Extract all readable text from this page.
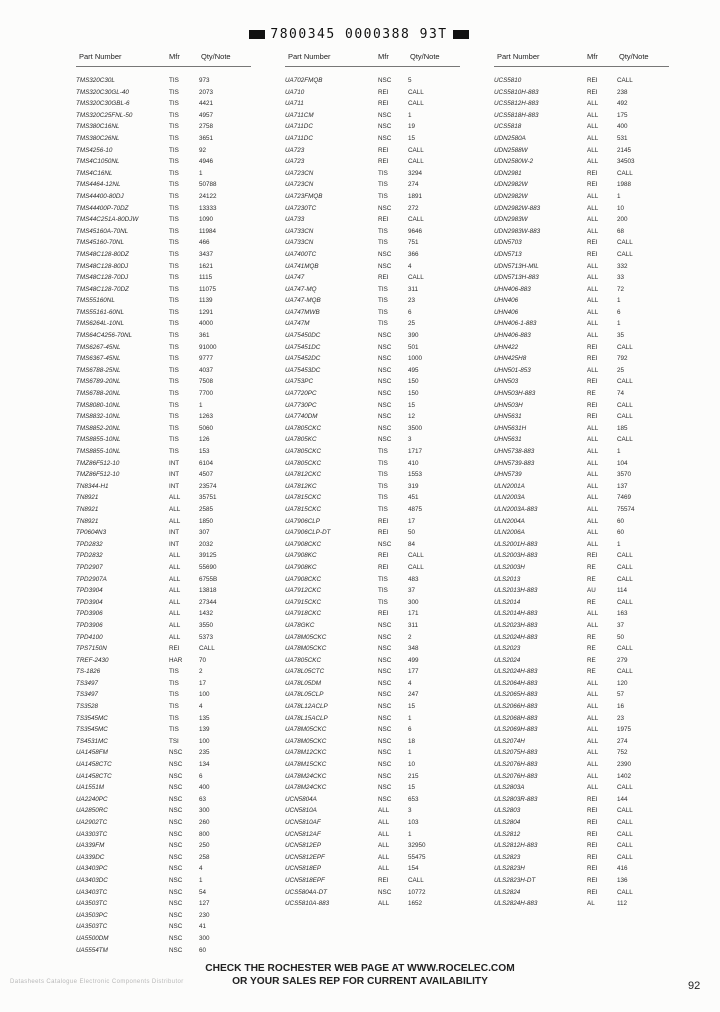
7800345 0000388 93T
Part Number	Mfr	Qty/Note
TMS320C30L	TIS	973
TMS320C30GL-40	TIS	2073
TMS320C30GBL-6	TIS	4421
TMS320C25FNL-50	TIS	4957
TMS380C16NL	TIS	2758
TMS380C26NL	TIS	3651
TMS4256-10	TIS	92
TMS4C1050NL	TIS	4946
TMS4C16NL	TIS	1
TMS4464-12NL	TIS	50788
TMS44400-80DJ	TIS	24122
TMS44400P-70DZ	TIS	13333
TMS44C251A-80DJW	TIS	1090
TMS45160A-70NL	TIS	11984
TMS45160-70NL	TIS	466
TMS48C128-80DZ	TIS	3437
TMS48C128-80DJ	TIS	1621
TMS48C128-70DJ	TIS	1115
TMS48C128-70DZ	TIS	11075
TMS55160NL	TIS	1139
TMS55161-60NL	TIS	1291
TMS6264L-10NL	TIS	4000
TMS64C4256-70NL	TIS	361
TMS6267-45NL	TIS	91000
TMS6367-45NL	TIS	9777
TMS6788-25NL	TIS	4037
TMS6789-20NL	TIS	7508
TMS6788-20NL	TIS	7700
TMS8080-10NL	TIS	1
TMS8832-10NL	TIS	1263
TMS8852-20NL	TIS	5060
TMS8855-10NL	TIS	126
TMS8855-10NL	TIS	153
TMZ86F512-10	INT	6104
TMZ86F512-10	INT	4507
TN8344-H1	INT	23574
TN8921	ALL	35751
TN8921	ALL	2585
TN8921	ALL	1850
TP0604N3	INT	307
TPD2832	INT	2032
TPD2832	ALL	39125
TPD2907	ALL	55690
TPD2907A	ALL	6755B
TPD3904	ALL	13818
TPD3904	ALL	27344
TPD3906	ALL	1432
TPD3906	ALL	3550
TPD4100	ALL	5373
TPS7150N	REI	CALL
TREF-2430	HAR	70
TS-1826	TIS	2
TS3497	TIS	17
TS3497	TIS	100
TS3528	TIS	4
TS3545MC	TIS	135
TS3545MC	TIS	139
TS4531MC	TSI	100
UA1458FM	NSC	235
UA1458CTC	NSC	134
UA1458CTC	NSC	6
UA1551M	NSC	400
UA2240PC	NSC	63
UA2850RC	NSC	300
UA2902TC	NSC	260
UA3303TC	NSC	800
UA339FM	NSC	250
UA339DC	NSC	258
UA3403PC	NSC	4
UA3403DC	NSC	1
UA3403TC	NSC	54
UA3503TC	NSC	127
UA3503PC	NSC	230
UA3503TC	NSC	41
UA5500DM	NSC	300
UA5554TM	NSC	60
Part Number	Mfr	Qty/Note
UA702FMQB	NSC	5
UA710	REI	CALL
UA711	REI	CALL
UA711CM	NSC	1
UA711DC	NSC	19
UA711DC	NSC	15
UA723	REI	CALL
UA723	REI	CALL
UA723CN	TIS	3294
UA723CN	TIS	274
UA723FMQB	TIS	1891
UA7230TC	NSC	272
UA733	REI	CALL
UA733CN	TIS	9646
UA733CN	TIS	751
UA7400TC	NSC	366
UA741MQB	NSC	4
UA747	REI	CALL
UA747-MQ	TIS	311
UA747-MQB	TIS	23
UA747MWB	TIS	6
UA747M	TIS	25
UA75450DC	NSC	390
UA75451DC	NSC	501
UA75452DC	NSC	1000
UA75453DC	NSC	495
UA753PC	NSC	150
UA7720PC	NSC	150
UA7730PC	NSC	15
UA7740DM	NSC	12
UA7805CKC	NSC	3500
UA7805KC	NSC	3
UA7805CKC	TIS	1717
UA7805CKC	TIS	410
UA7812CKC	TIS	1553
UA7812KC	TIS	319
UA7815CKC	TIS	451
UA7815CKC	TIS	4875
UA7906CLP	REI	17
UA7906CLP-DT	REI	50
UA7908CKC	NSC	84
UA7908KC	REI	CALL
UA7908KC	REI	CALL
UA7908CKC	TIS	483
UA7912CKC	TIS	37
UA7915CKC	TIS	300
UA7918CKC	REI	171
UA78GKC	NSC	311
UA78M05CKC	NSC	2
UA78M05CKC	NSC	348
UA7805CKC	NSC	499
UA78L05CTC	NSC	177
UA78L05DM	NSC	4
UA78L05CLP	NSC	247
UA78L12ACLP	NSC	15
UA78L15ACLP	NSC	1
UA78M05CKC	NSC	6
UA78M05CKC	NSC	18
UA78M12CKC	NSC	1
UA78M15CKC	NSC	10
UA78M24CKC	NSC	215
UA78M24CKC	NSC	15
UCN5804A	NSC	653
UCN5810A	ALL	3
UCN5810AF	ALL	103
UCN5812AF	ALL	1
UCN5812EP	ALL	32950
UCN5812EPF	ALL	55475
UCN5818EP	ALL	154
UCN5818EPF	REI	CALL
UCS5804A-DT	NSC	10772
UCS5810A-883	ALL	1652
Part Number	Mfr	Qty/Note
UCS5810	REI	CALL
UCS5810H-883	REI	238
UCS5812H-883	ALL	492
UCS5818H-883	ALL	175
UCS5818	ALL	400
UDN2580A	ALL	531
UDN2588W	ALL	2145
UDN2580W-2	ALL	34503
UDN2981	REI	CALL
UDN2982W	REI	1988
UDN2982W	ALL	1
UDN2982W-883	ALL	10
UDN2983W	ALL	200
UDN2983W-883	ALL	68
UDN5703	REI	CALL
UDN5713	REI	CALL
UDN5713H-MIL	ALL	332
UDN5713H-883	ALL	33
UHN406-883	ALL	72
UHN406	ALL	1
UHN406	ALL	6
UHN406-1-883	ALL	1
UHN406-883	ALL	35
UHN422	REI	CALL
UHN425H8	REI	792
UHN501-853	ALL	25
UHN503	REI	CALL
UHN503H-883	RE	74
UHN503H	REI	CALL
UHN5631	REI	CALL
UHN5631H	ALL	185
UHN5631	ALL	CALL
UHN5738-883	ALL	1
UHN5739-883	ALL	104
UHN5739	ALL	3570
ULN2001A	ALL	137
ULN2003A	ALL	7469
ULN2003A-883	ALL	75574
ULN2004A	ALL	60
ULN2006A	ALL	60
ULS2001H-883	ALL	1
ULS2003H-883	REI	CALL
ULS2003H	RE	CALL
ULS2013	RE	CALL
ULS2013H-883	AU	114
ULS2014	RE	CALL
ULS2014H-883	ALL	163
ULS2023H-883	ALL	37
ULS2024H-883	RE	50
ULS2023	RE	CALL
ULS2024	RE	279
ULS2024H-883	RE	CALL
ULS2064H-883	ALL	120
ULS2065H-883	ALL	57
ULS2066H-883	ALL	16
ULS2068H-883	ALL	23
ULS2069H-883	ALL	1975
ULS2074H	ALL	274
ULS2075H-883	ALL	752
ULS2076H-883	ALL	2390
ULS2076H-883	ALL	1402
ULS2803A	ALL	CALL
ULS2803R-883	REI	144
ULS2803	REI	CALL
ULS2804	REI	CALL
ULS2812	REI	CALL
ULS2812H-883	REI	CALL
ULS2823	REI	CALL
ULS2823H	REI	416
ULS2823H-DT	REI	136
ULS2824	REI	CALL
ULS2824H-883	AL	112
Datasheets Catalogue Electronic Components Distributor
CHECK THE ROCHESTER WEB PAGE AT WWW.ROCELEC.COM
OR YOUR SALES REP FOR CURRENT AVAILABILITY	92
